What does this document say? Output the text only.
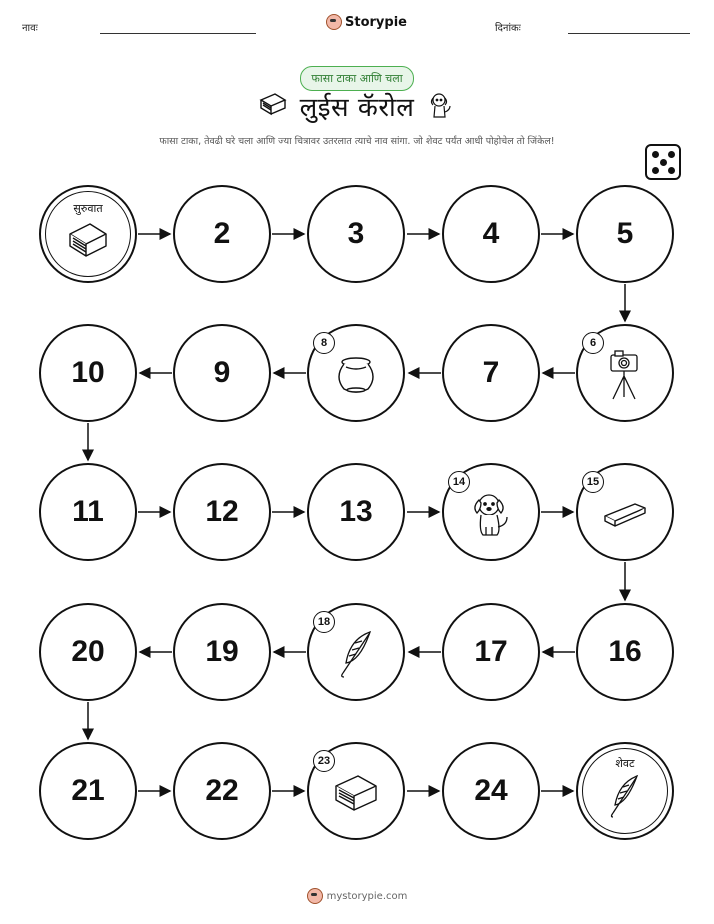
नावः	Storypie	दिनांकः
फासा टाका आणि चला
लुईस कॅरोल
फासा टाका, तेवढी घरे चला आणि ज्या चित्रावर उतरलात त्याचे नाव सांगा. जो शेवट पर्यंत आधी पोहोचेल तो जिंकेल!
सुरुवात
2	3	4	5
6
7
8
9
10
11	12	13
14	15
16
17
18
19
20
21	22
23
24
शेवट
mystorypie.com
